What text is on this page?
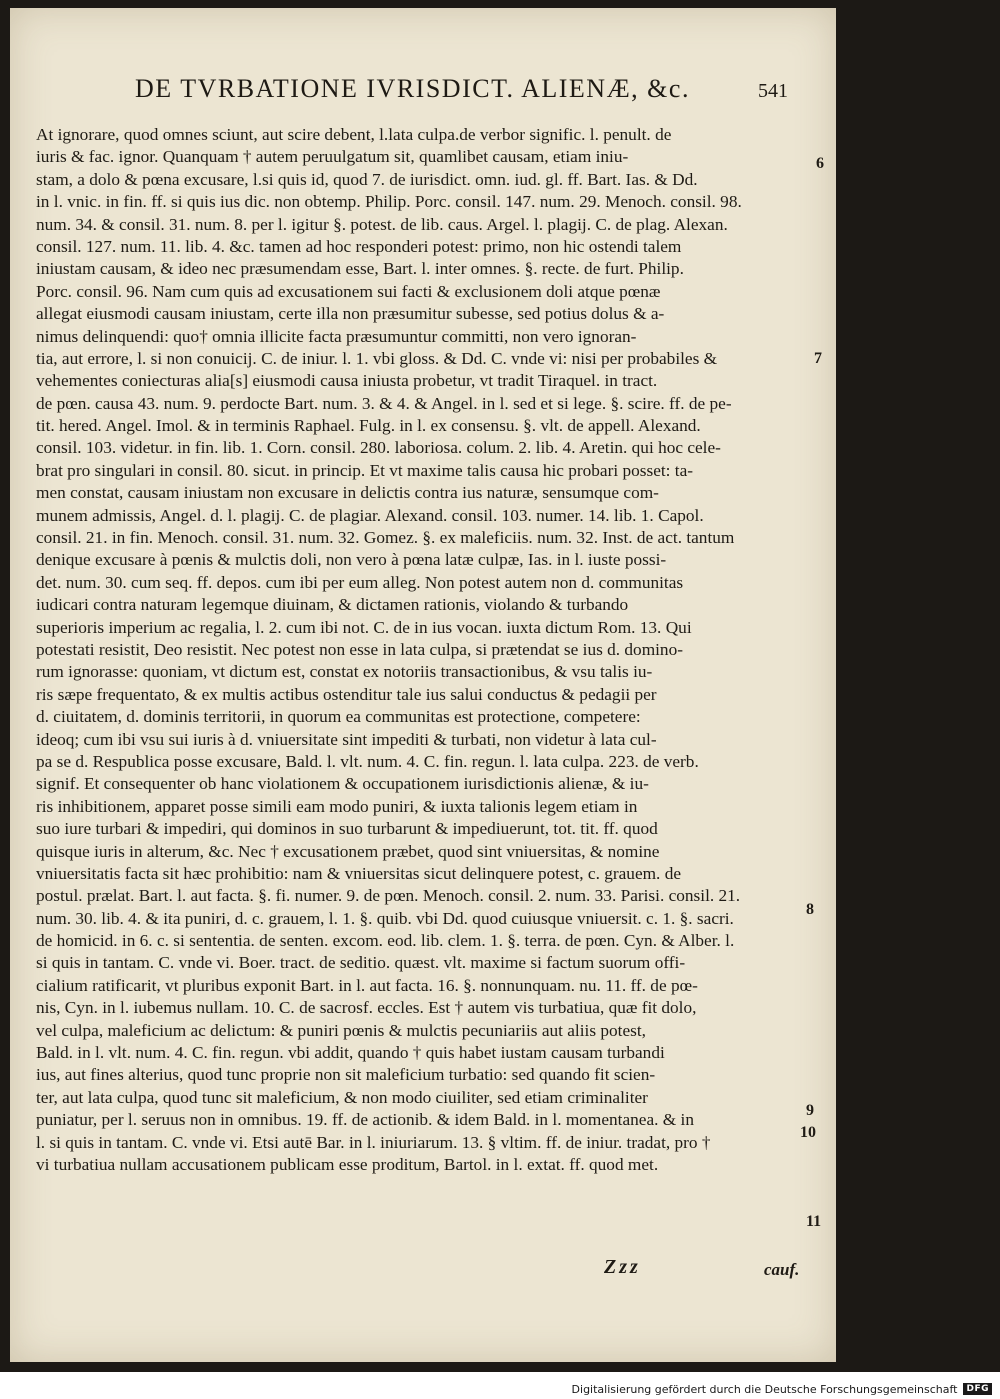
DE TVRBATIONE IVRISDICT. ALIENÆ, &c.	541
At ignorare, quod omnes sciunt, aut scire debent, l.lata culpa.de verbor signific. l. penult. de
iuris & fac. ignor. Quanquam † autem peruulgatum sit, quamlibet causam, etiam iniu-
stam, a dolo & pœna excusare, l.si quis id, quod 7. de iurisdict. omn. iud. gl. ff. Bart. Ias. & Dd.
in l. vnic. in fin. ff. si quis ius dic. non obtemp. Philip. Porc. consil. 147. num. 29. Menoch. consil. 98.
num. 34. & consil. 31. num. 8. per l. igitur §. potest. de lib. caus. Argel. l. plagij. C. de plag. Alexan.
consil. 127. num. 11. lib. 4. &c. tamen ad hoc responderi potest: primo, non hic ostendi talem
iniustam causam, & ideo nec præsumendam esse, Bart. l. inter omnes. §. recte. de furt. Philip.
Porc. consil. 96. Nam cum quis ad excusationem sui facti & exclusionem doli atque pœnæ
allegat eiusmodi causam iniustam, certe illa non præsumitur subesse, sed potius dolus & a-
nimus delinquendi: quo† omnia illicite facta præsumuntur committi, non vero ignoran-
tia, aut errore, l. si non conuicij. C. de iniur. l. 1. vbi gloss. & Dd. C. vnde vi: nisi per probabiles &
vehementes coniecturas alia[s] eiusmodi causa iniusta probetur, vt tradit Tiraquel. in tract.
de pœn. causa 43. num. 9. perdocte Bart. num. 3. & 4. & Angel. in l. sed et si lege. §. scire. ff. de pe-
tit. hered. Angel. Imol. & in terminis Raphael. Fulg. in l. ex consensu. §. vlt. de appell. Alexand.
consil. 103. videtur. in fin. lib. 1. Corn. consil. 280. laboriosa. colum. 2. lib. 4. Aretin. qui hoc cele-
brat pro singulari in consil. 80. sicut. in princip. Et vt maxime talis causa hic probari posset: ta-
men constat, causam iniustam non excusare in delictis contra ius naturæ, sensumque com-
munem admissis, Angel. d. l. plagij. C. de plagiar. Alexand. consil. 103. numer. 14. lib. 1. Capol.
consil. 21. in fin. Menoch. consil. 31. num. 32. Gomez. §. ex maleficiis. num. 32. Inst. de act. tantum
denique excusare à pœnis & mulctis doli, non vero à pœna latæ culpæ, Ias. in l. iuste possi-
det. num. 30. cum seq. ff. depos. cum ibi per eum alleg. Non potest autem non d. communitas
iudicari contra naturam legemque diuinam, & dictamen rationis, violando & turbando
superioris imperium ac regalia, l. 2. cum ibi not. C. de in ius vocan. iuxta dictum Rom. 13. Qui
potestati resistit, Deo resistit. Nec potest non esse in lata culpa, si prætendat se ius d. domino-
rum ignorasse: quoniam, vt dictum est, constat ex notoriis transactionibus, & vsu talis iu-
ris sæpe frequentato, & ex multis actibus ostenditur tale ius salui conductus & pedagii per
d. ciuitatem, d. dominis territorii, in quorum ea communitas est protectione, competere:
ideoq; cum ibi vsu sui iuris à d. vniuersitate sint impediti & turbati, non videtur à lata cul-
pa se d. Respublica posse excusare, Bald. l. vlt. num. 4. C. fin. regun. l. lata culpa. 223. de verb.
signif. Et consequenter ob hanc violationem & occupationem iurisdictionis alienæ, & iu-
ris inhibitionem, apparet posse simili eam modo puniri, & iuxta talionis legem etiam in
suo iure turbari & impediri, qui dominos in suo turbarunt & impediuerunt, tot. tit. ff. quod
quisque iuris in alterum, &c. Nec † excusationem præbet, quod sint vniuersitas, & nomine
vniuersitatis facta sit hæc prohibitio: nam & vniuersitas sicut delinquere potest, c. grauem. de
postul. prælat. Bart. l. aut facta. §. fi. numer. 9. de pœn. Menoch. consil. 2. num. 33. Parisi. consil. 21.
num. 30. lib. 4. & ita puniri, d. c. grauem, l. 1. §. quib. vbi Dd. quod cuiusque vniuersit. c. 1. §. sacri.
de homicid. in 6. c. si sententia. de senten. excom. eod. lib. clem. 1. §. terra. de pœn. Cyn. & Alber. l.
si quis in tantam. C. vnde vi. Boer. tract. de seditio. quæst. vlt. maxime si factum suorum offi-
cialium ratificarit, vt pluribus exponit Bart. in l. aut facta. 16. §. nonnunquam. nu. 11. ff. de pœ-
nis, Cyn. in l. iubemus nullam. 10. C. de sacrosf. eccles. Est † autem vis turbatiua, quæ fit dolo,
vel culpa, maleficium ac delictum: & puniri pœnis & mulctis pecuniariis aut aliis potest,
Bald. in l. vlt. num. 4. C. fin. regun. vbi addit, quando † quis habet iustam causam turbandi
ius, aut fines alterius, quod tunc proprie non sit maleficium turbatio: sed quando fit scien-
ter, aut lata culpa, quod tunc sit maleficium, & non modo ciuiliter, sed etiam criminaliter
puniatur, per l. seruus non in omnibus. 19. ff. de actionib. & idem Bald. in l. momentanea. & in
l. si quis in tantam. C. vnde vi. Etsi autē Bar. in l. iniuriarum. 13. § vltim. ff. de iniur. tradat, pro †
vi turbatiua nullam accusationem publicam esse proditum, Bartol. in l. extat. ff. quod met.
6
7
8
9
10
11
Zzz	cauf.
Digitalisierung gefördert durch die Deutsche Forschungsgemeinschaft	DFG
